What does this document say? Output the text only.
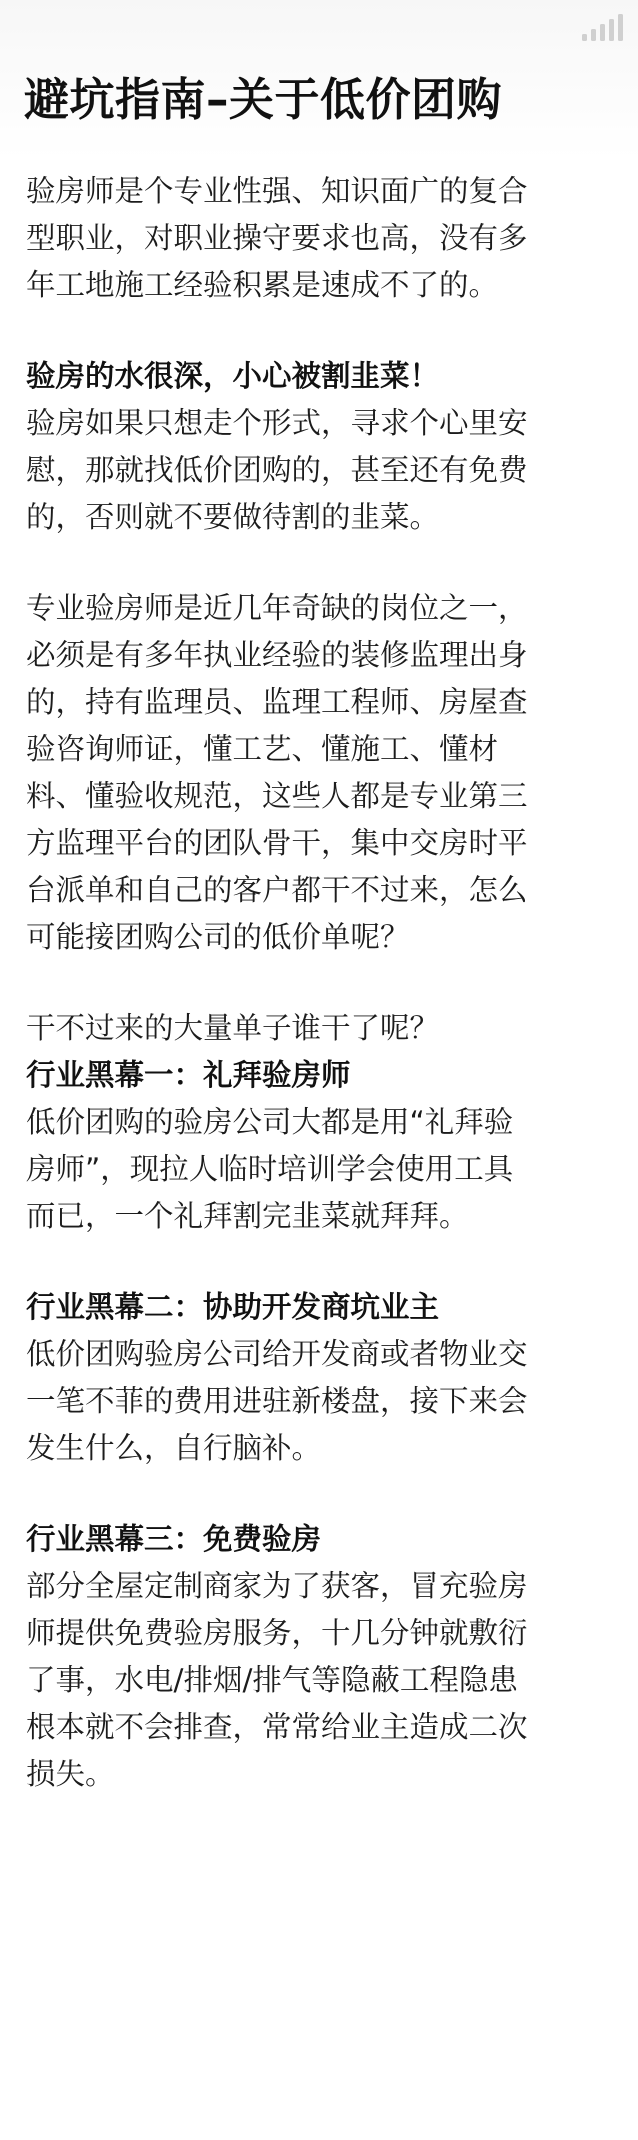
避坑指南–关于低价团购
验房师是个专业性强、知识面广的复合
型职业，对职业操守要求也高，没有多
年工地施工经验积累是速成不了的。
验房的水很深，小心被割韭菜！
验房如果只想走个形式，寻求个心里安
慰，那就找低价团购的，甚至还有免费
的，否则就不要做待割的韭菜。
专业验房师是近几年奇缺的岗位之一，
必须是有多年执业经验的装修监理出身
的，持有监理员、监理工程师、房屋查
验咨询师证，懂工艺、懂施工、懂材
料、懂验收规范，这些人都是专业第三
方监理平台的团队骨干，集中交房时平
台派单和自己的客户都干不过来，怎么
可能接团购公司的低价单呢？
干不过来的大量单子谁干了呢？
行业黑幕一：礼拜验房师
低价团购的验房公司大都是用“礼拜验
房师”，现拉人临时培训学会使用工具
而已，一个礼拜割完韭菜就拜拜。
行业黑幕二：协助开发商坑业主
低价团购验房公司给开发商或者物业交
一笔不菲的费用进驻新楼盘，接下来会
发生什么，自行脑补。
行业黑幕三：免费验房
部分全屋定制商家为了获客，冒充验房
师提供免费验房服务，十几分钟就敷衍
了事，水电/排烟/排气等隐蔽工程隐患
根本就不会排查，常常给业主造成二次
损失。
